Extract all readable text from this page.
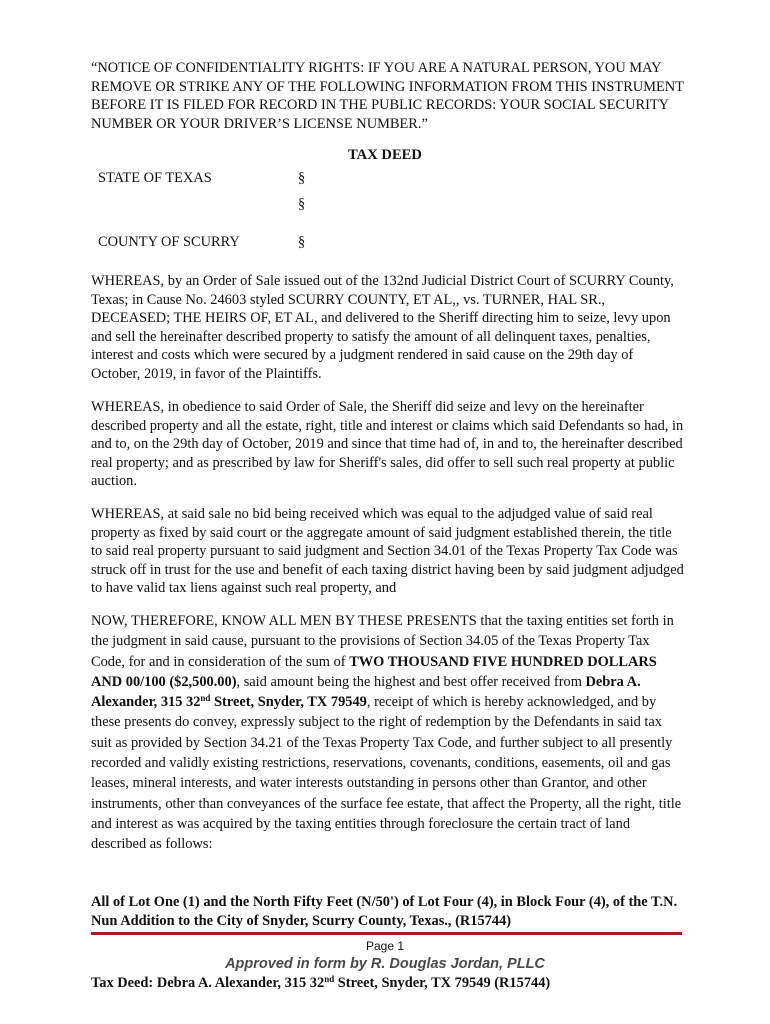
“NOTICE OF CONFIDENTIALITY RIGHTS: IF YOU ARE A NATURAL PERSON, YOU MAY REMOVE OR STRIKE ANY OF THE FOLLOWING INFORMATION FROM THIS INSTRUMENT BEFORE IT IS FILED FOR RECORD IN THE PUBLIC RECORDS: YOUR SOCIAL SECURITY NUMBER OR YOUR DRIVER’S LICENSE NUMBER.”

TAX DEED

STATE OF TEXAS	§

§

COUNTY OF SCURRY	§

WHEREAS, by an Order of Sale issued out of the 132nd Judicial District Court of SCURRY County, Texas; in Cause No. 24603 styled SCURRY COUNTY, ET AL,, vs. TURNER, HAL SR., DECEASED; THE HEIRS OF, ET AL, and delivered to the Sheriff directing him to seize, levy upon and sell the hereinafter described property to satisfy the amount of all delinquent taxes, penalties, interest and costs which were secured by a judgment rendered in said cause on the 29th day of October, 2019, in favor of the Plaintiffs.

WHEREAS, in obedience to said Order of Sale, the Sheriff did seize and levy on the hereinafter described property and all the estate, right, title and interest or claims which said Defendants so had, in and to, on the 29th day of October, 2019 and since that time had of, in and to, the hereinafter described real property; and as prescribed by law for Sheriff's sales, did offer to sell such real property at public auction.

WHEREAS, at said sale no bid being received which was equal to the adjudged value of said real property as fixed by said court or the aggregate amount of said judgment established therein, the title to said real property pursuant to said judgment and Section 34.01 of the Texas Property Tax Code was struck off in trust for the use and benefit of each taxing district having been by said judgment adjudged to have valid tax liens against such real property, and

NOW, THEREFORE, KNOW ALL MEN BY THESE PRESENTS that the taxing entities set forth in the judgment in said cause, pursuant to the provisions of Section 34.05 of the Texas Property Tax Code, for and in consideration of the sum of TWO THOUSAND FIVE HUNDRED DOLLARS AND 00/100 ($2,500.00), said amount being the highest and best offer received from Debra A. Alexander, 315 32nd Street, Snyder, TX 79549, receipt of which is hereby acknowledged, and by these presents do convey, expressly subject to the right of redemption by the Defendants in said tax suit as provided by Section 34.21 of the Texas Property Tax Code, and further subject to all presently recorded and validly existing restrictions, reservations, covenants, conditions, easements, oil and gas leases, mineral interests, and water interests outstanding in persons other than Grantor, and other instruments, other than conveyances of the surface fee estate, that affect the Property, all the right, title and interest as was acquired by the taxing entities through foreclosure the certain tract of land described as follows:

All of Lot One (1) and the North Fifty Feet (N/50') of Lot Four (4), in Block Four (4), of the T.N. Nun Addition to the City of Snyder, Scurry County, Texas., (R15744)

Page 1

Approved in form by R. Douglas Jordan, PLLC

Tax Deed: Debra A. Alexander, 315 32nd Street, Snyder, TX 79549 (R15744)
